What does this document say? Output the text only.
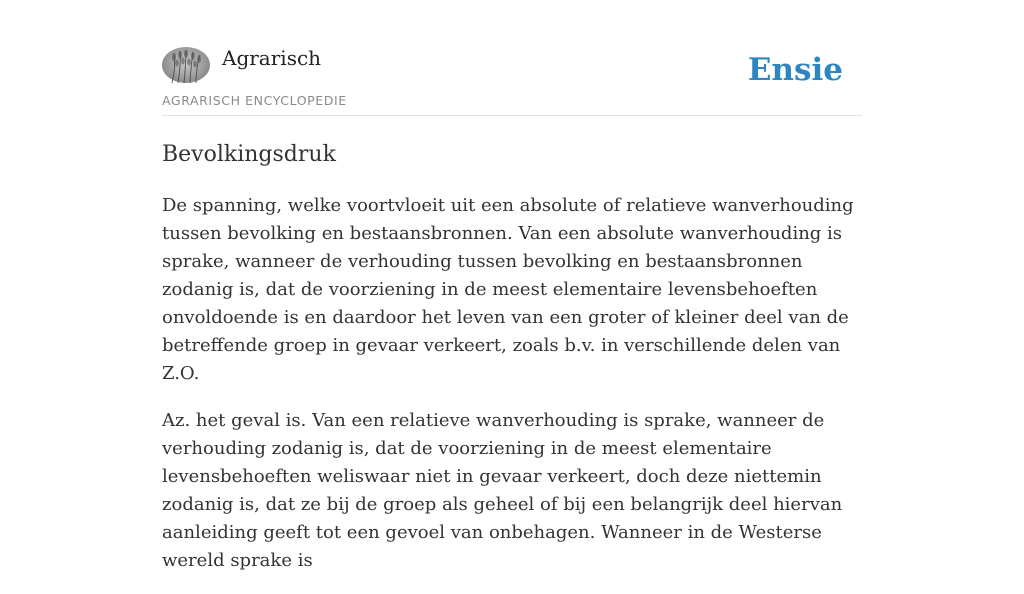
Agrarisch
AGRARISCH ENCYCLOPEDIE
Ensie
Bevolkingsdruk

De spanning, welke voortvloeit uit een absolute of relatieve wanverhouding tussen bevolking en bestaansbronnen. Van een absolute wanverhouding is sprake, wanneer de verhouding tussen bevolking en bestaansbronnen zodanig is, dat de voorziening in de meest elementaire levensbehoeften onvoldoende is en daardoor het leven van een groter of kleiner deel van de betreffende groep in gevaar verkeert, zoals b.v. in verschillende delen van Z.O.

Az. het geval is. Van een relatieve wanverhouding is sprake, wanneer de verhouding zodanig is, dat de voorziening in de meest elementaire levensbehoeften weliswaar niet in gevaar verkeert, doch deze niettemin zodanig is, dat ze bij de groep als geheel of bij een belangrijk deel hiervan aanleiding geeft tot een gevoel van onbehagen. Wanneer in de Westerse wereld sprake is
